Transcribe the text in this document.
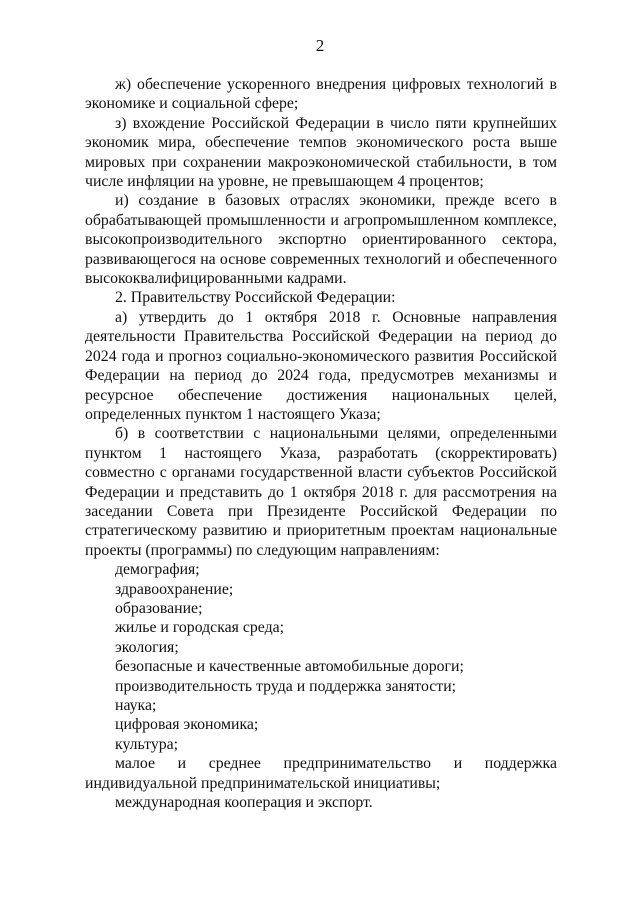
2

ж) обеспечение ускоренного внедрения цифровых технологий в экономике и социальной сфере;

з) вхождение Российской Федерации в число пяти крупнейших экономик мира, обеспечение темпов экономического роста выше мировых при сохранении макроэкономической стабильности, в том числе инфляции на уровне, не превышающем 4 процентов;

и) создание в базовых отраслях экономики, прежде всего в обрабатывающей промышленности и агропромышленном комплексе, высокопроизводительного экспортно ориентированного сектора, развивающегося на основе современных технологий и обеспеченного высококвалифицированными кадрами.

2. Правительству Российской Федерации:

а) утвердить до 1 октября 2018 г. Основные направления деятельности Правительства Российской Федерации на период до 2024 года и прогноз социально-экономического развития Российской Федерации на период до 2024 года, предусмотрев механизмы и ресурсное обеспечение достижения национальных целей, определенных пунктом 1 настоящего Указа;

б) в соответствии с национальными целями, определенными пунктом 1 настоящего Указа, разработать (скорректировать) совместно с органами государственной власти субъектов Российской Федерации и представить до 1 октября 2018 г. для рассмотрения на заседании Совета при Президенте Российской Федерации по стратегическому развитию и приоритетным проектам национальные проекты (программы) по следующим направлениям:

демография;

здравоохранение;

образование;

жилье и городская среда;

экология;

безопасные и качественные автомобильные дороги;

производительность труда и поддержка занятости;

наука;

цифровая экономика;

культура;

малое и среднее предпринимательство и поддержка индивидуальной предпринимательской инициативы;

международная кооперация и экспорт.
